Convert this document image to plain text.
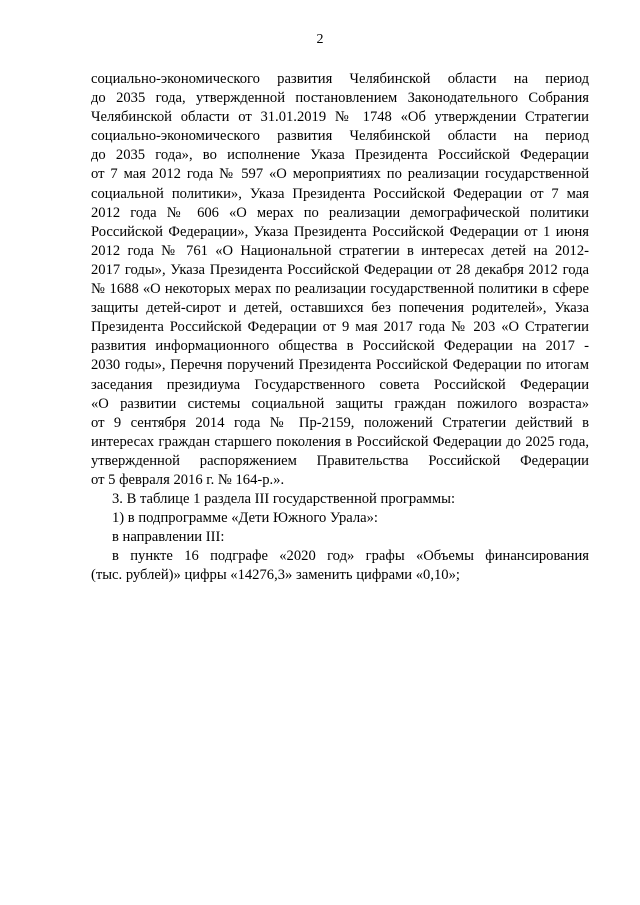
2
социально-экономического развития Челябинской области на период
до 2035 года, утвержденной постановлением Законодательного Собрания
Челябинской области от 31.01.2019 № 1748 «Об утверждении Стратегии
социально-экономического развития Челябинской области на период
до 2035 года», во исполнение Указа Президента Российской Федерации
от 7 мая 2012 года № 597 «О мероприятиях по реализации государственной
социальной политики», Указа Президента Российской Федерации от 7 мая
2012 года № 606 «О мерах по реализации демографической политики
Российской Федерации», Указа Президента Российской Федерации от 1 июня
2012 года № 761 «О Национальной стратегии в интересах детей на 2012-
2017 годы», Указа Президента Российской Федерации от 28 декабря 2012 года
№ 1688 «О некоторых мерах по реализации государственной политики в сфере
защиты детей-сирот и детей, оставшихся без попечения родителей», Указа
Президента Российской Федерации от 9 мая 2017 года № 203 «О Стратегии
развития информационного общества в Российской Федерации на 2017 -
2030 годы», Перечня поручений Президента Российской Федерации по итогам
заседания президиума Государственного совета Российской Федерации
«О развитии системы социальной защиты граждан пожилого возраста»
от 9 сентября 2014 года № Пр-2159, положений Стратегии действий в
интересах граждан старшего поколения в Российской Федерации до 2025 года,
утвержденной распоряжением Правительства Российской Федерации
от 5 февраля 2016 г. № 164-р.».
3. В таблице 1 раздела III государственной программы:
1) в подпрограмме «Дети Южного Урала»:
в направлении III:
в пункте 16 подграфе «2020 год» графы «Объемы финансирования
(тыс. рублей)» цифры «14276,3» заменить цифрами «0,10»;
